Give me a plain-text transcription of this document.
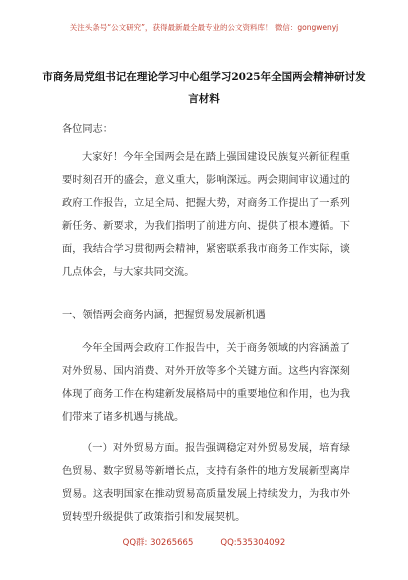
关注头条号“公文研究”，获得最新最全最专业的公文资料库！ 微信：gongwenyj
市商务局党组书记在理论学习中心组学习2025年全国两会精神研讨发言材料
各位同志：
大家好！今年全国两会是在踏上强国建设民族复兴新征程重要时刻召开的盛会，意义重大，影响深远。两会期间审议通过的政府工作报告，立足全局、把握大势，对商务工作提出了一系列新任务、新要求，为我们指明了前进方向、提供了根本遵循。下面，我结合学习贯彻两会精神，紧密联系我市商务工作实际，谈几点体会，与大家共同交流。
一、领悟两会商务内涵，把握贸易发展新机遇
今年全国两会政府工作报告中，关于商务领域的内容涵盖了对外贸易、国内消费、对外开放等多个关键方面。这些内容深刻体现了商务工作在构建新发展格局中的重要地位和作用，也为我们带来了诸多机遇与挑战。
（一）对外贸易方面。报告强调稳定对外贸易发展，培育绿色贸易、数字贸易等新增长点，支持有条件的地方发展新型离岸贸易。这表明国家在推动贸易高质量发展上持续发力，为我市外贸转型升级提供了政策指引和发展契机。
QQ群: 30265665	QQ:535304092
